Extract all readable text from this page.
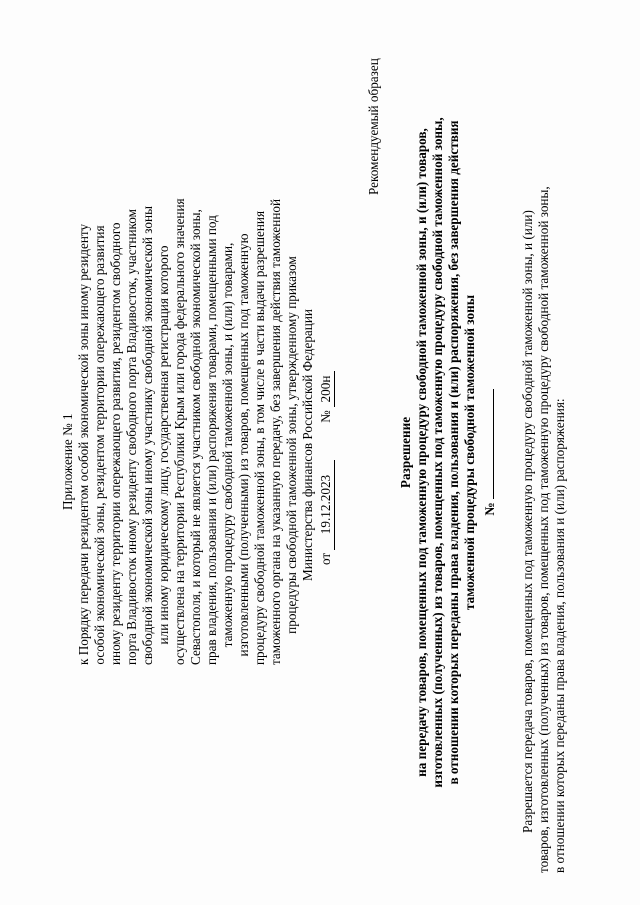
Приложение № 1 к Порядку передачи резидентом особой экономической зоны иному резиденту особой экономической зоны, резидентом территории опережающего развития иному резиденту территории опережающего развития, резидентом свободного порта Владивосток иному резиденту свободного порта Владивосток, участником свободной экономической зоны иному участнику свободной экономической зоны или иному юридическому лицу, государственная регистрация которого осуществлена на территории Республики Крым или города федерального значения Севастополя, и который не является участником свободной экономической зоны, прав владения, пользования и (или) распоряжения товарами, помещенными под таможенную процедуру свободной таможенной зоны, и (или) товарами, изготовленными (полученными) из товаров, помещенных под таможенную процедуру свободной таможенной зоны, в том числе в части выдачи разрешения таможенного органа на указанную передачу, без завершения действия таможенной процедуры свободной таможенной зоны, утвержденному приказом Министерства финансов Российской Федерации от 19.12.2023  № 200н
Рекомендуемый образец
Разрешение на передачу товаров, помещенных под таможенную процедуру свободной таможенной зоны, и (или) товаров, изготовленных (полученных) из товаров, помещенных под таможенную процедуру свободной таможенной зоны, в отношении которых переданы права владения, пользования и (или) распоряжения, без завершения действия таможенной процедуры свободной таможенной зоны № Разрешается передача товаров, помещенных под таможенную процедуру свободной таможенной зоны, и (или) товаров, изготовленных (полученных) из товаров, помещенных под таможенную процедуру свободной таможенной зоны, в отношении которых переданы права владения, пользования и (или) распоряжения:
